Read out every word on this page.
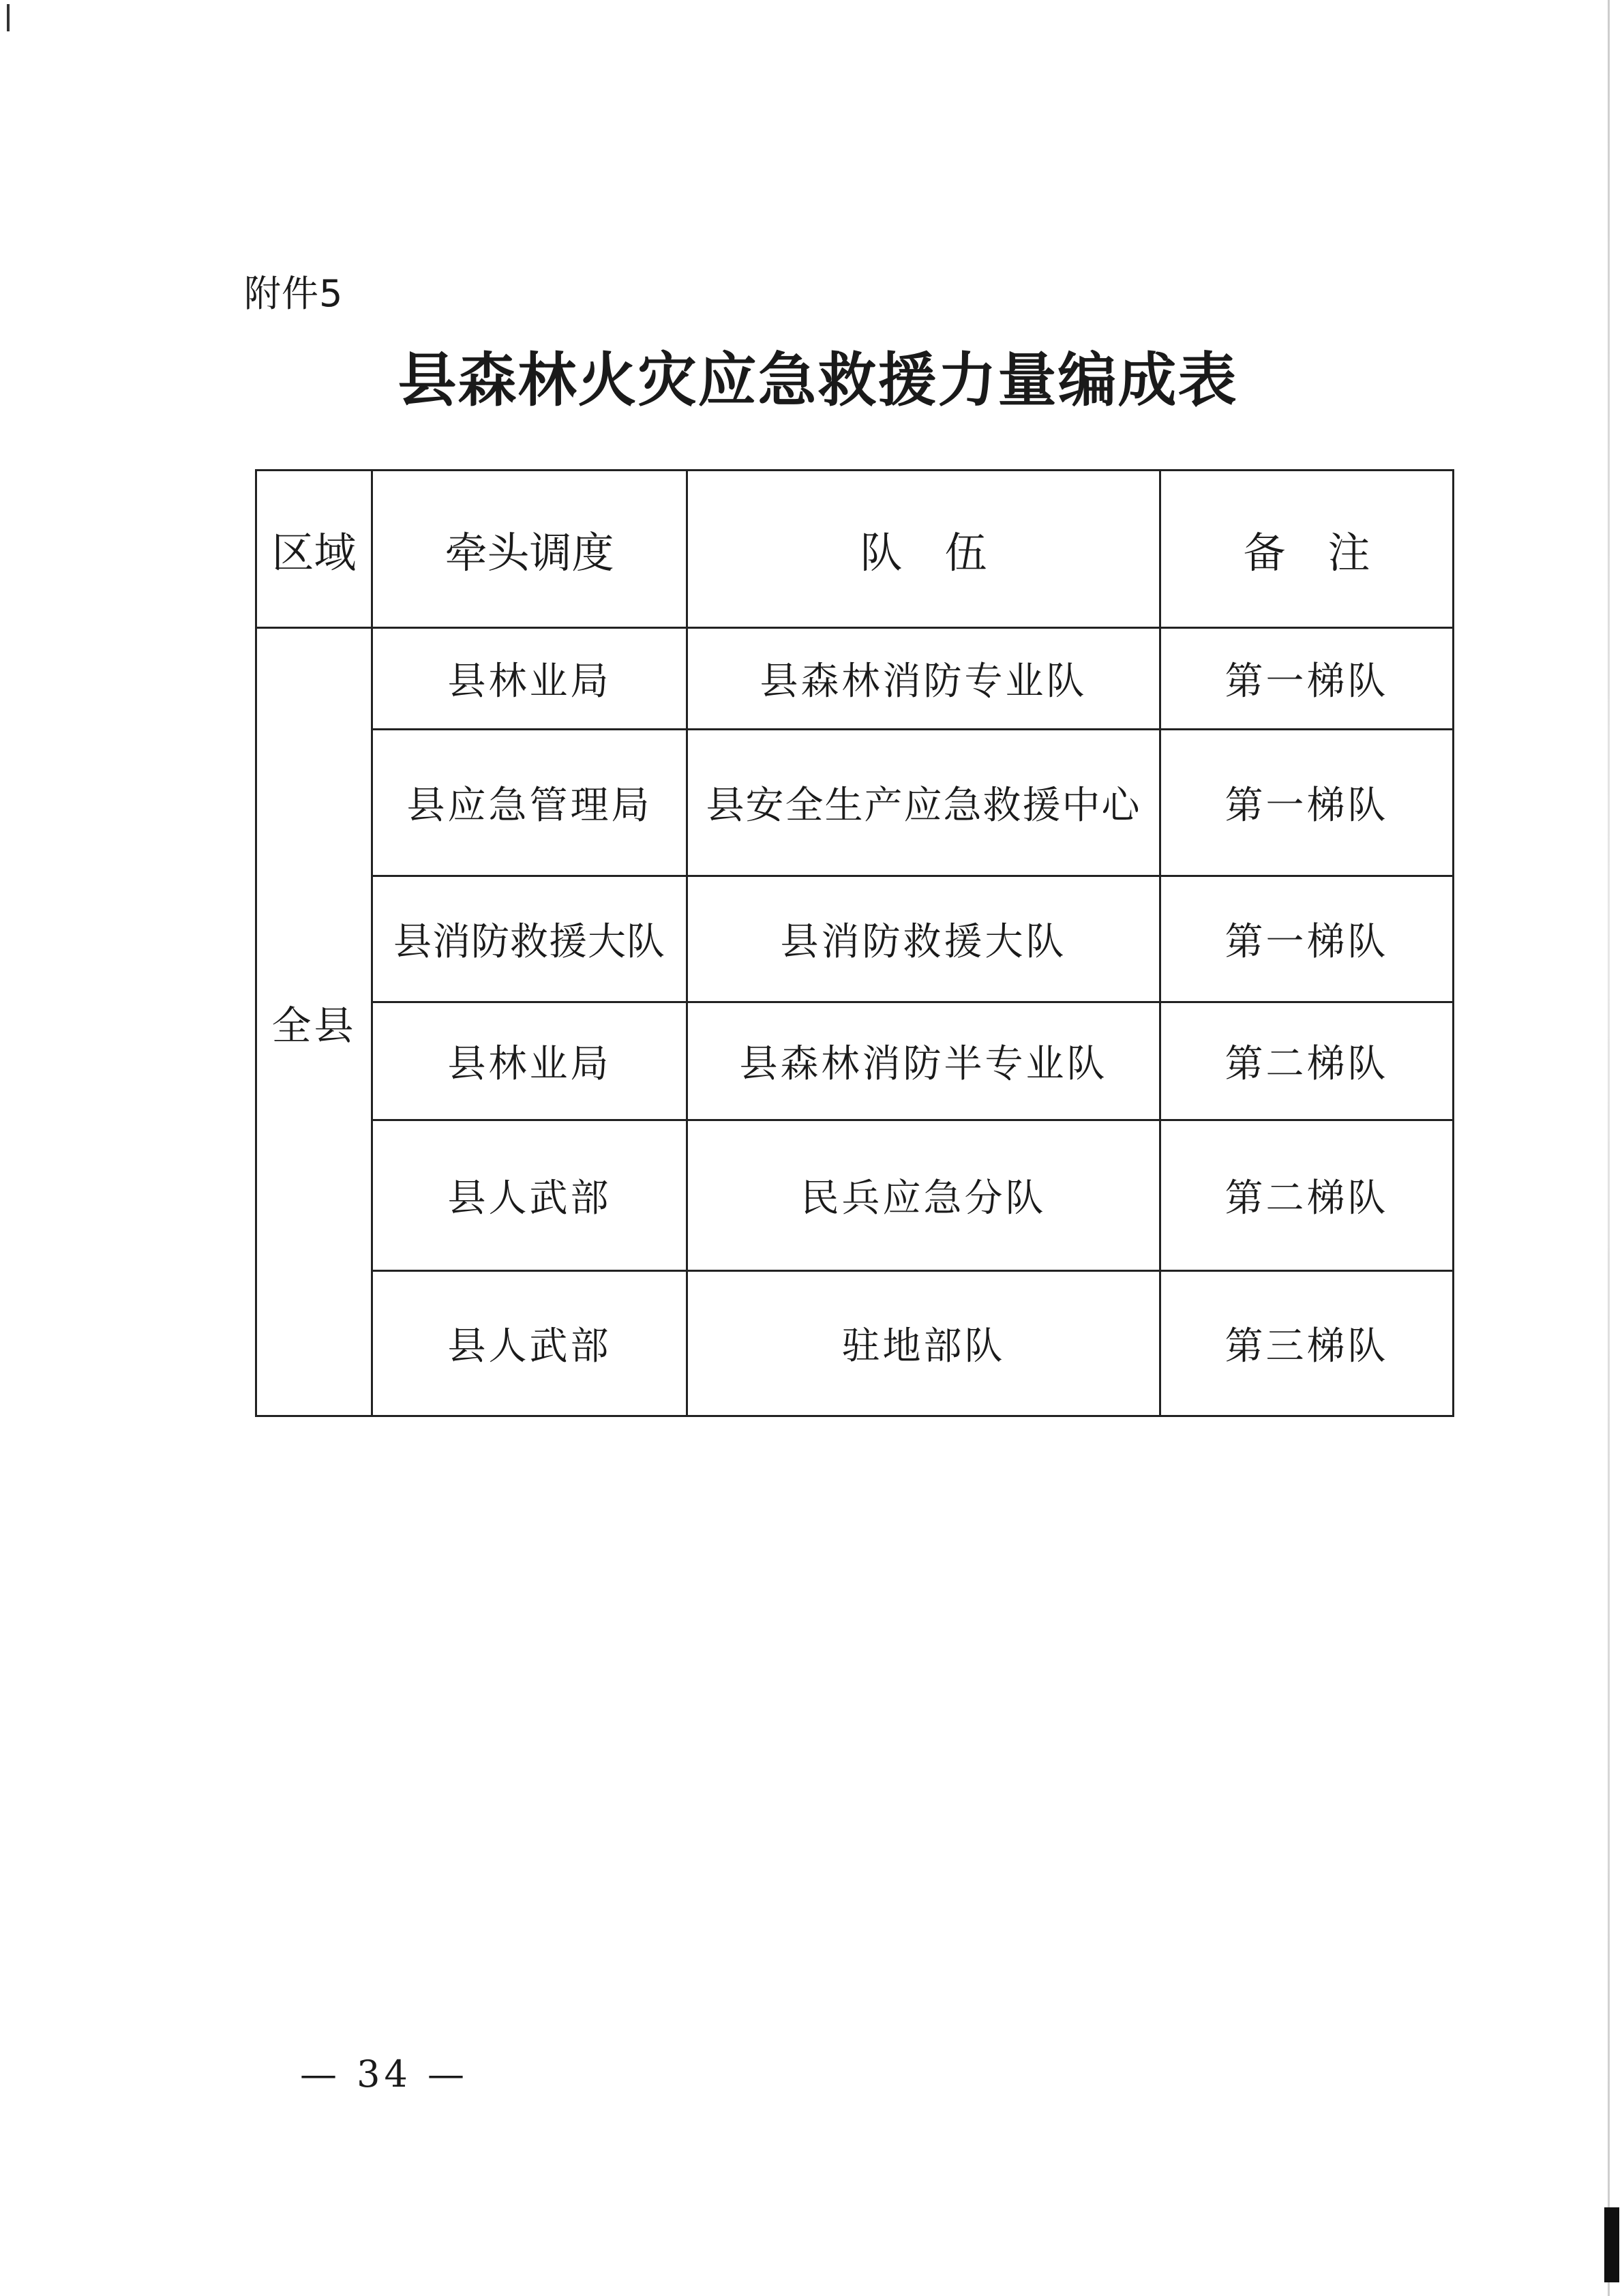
附件5
县森林火灾应急救援力量编成表
区域	牵头调度	队　伍	备　注
全县	县林业局	县森林消防专业队	第一梯队
	县应急管理局	县安全生产应急救援中心	第一梯队
	县消防救援大队	县消防救援大队	第一梯队
	县林业局	县森林消防半专业队	第二梯队
	县人武部	民兵应急分队	第二梯队
	县人武部	驻地部队	第三梯队
— 34 —
